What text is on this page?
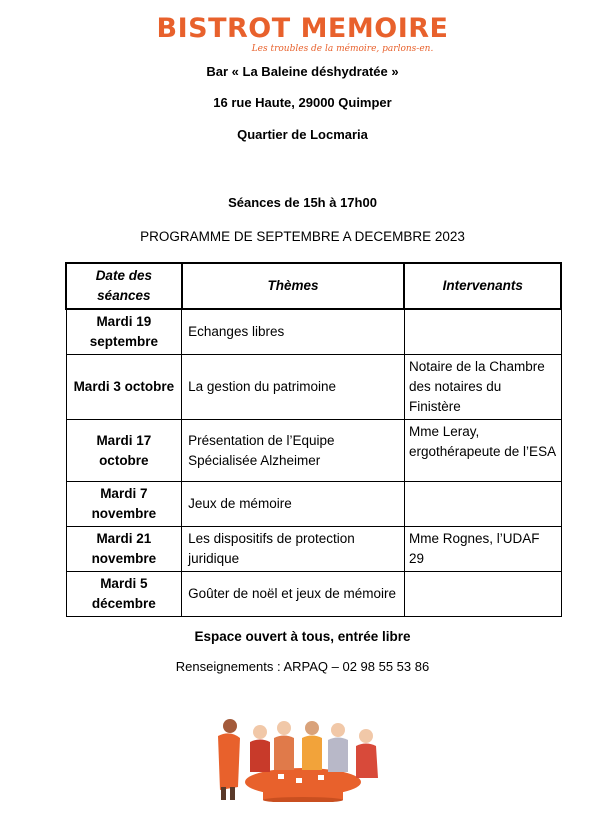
BISTROT MEMOIRE
Les troubles de la mémoire, parlons-en.
Bar « La Baleine déshydratée »
16 rue Haute, 29000 Quimper
Quartier de Locmaria
Séances de 15h à 17h00
PROGRAMME DE SEPTEMBRE A DECEMBRE 2023
Date des séances	Thèmes	Intervenants
Mardi 19 septembre	Echanges libres	
Mardi 3 octobre	La gestion du patrimoine	Notaire de la Chambre des notaires du Finistère
Mardi 17 octobre	Présentation de l’Equipe Spécialisée Alzheimer	Mme Leray, ergothérapeute de l’ESA
Mardi 7 novembre	Jeux de mémoire	
Mardi 21 novembre	Les dispositifs de protection juridique	Mme Rognes, l’UDAF 29
Mardi 5 décembre	Goûter de noël et jeux de mémoire	
Espace ouvert à tous, entrée libre
Renseignements : ARPAQ – 02 98 55 53 86
